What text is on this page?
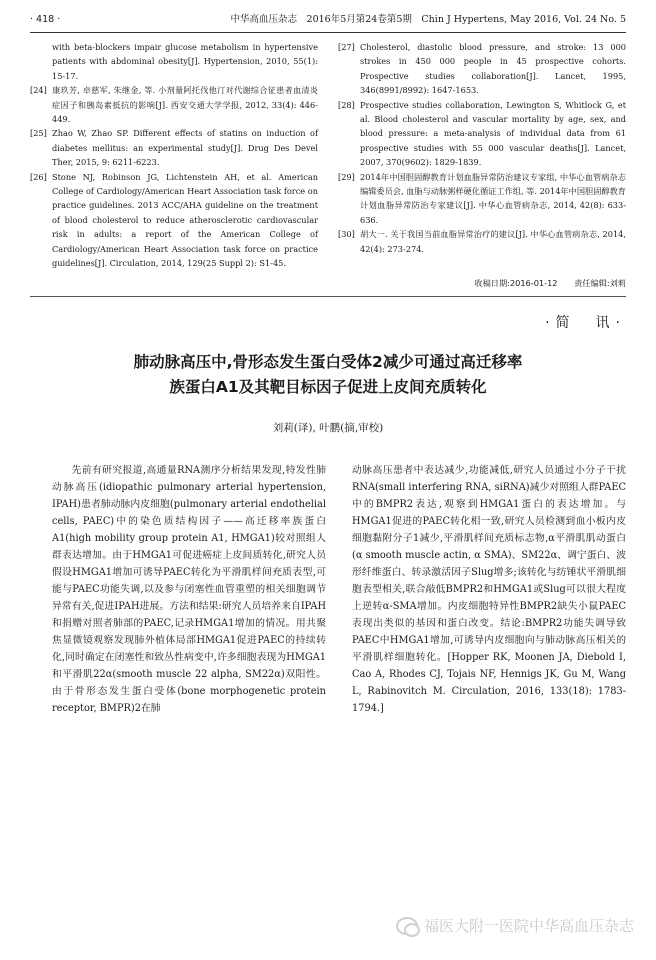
· 418 ·	中华高血压杂志　2016年5月第24卷第5期　Chin J Hypertens, May 2016, Vol. 24 No. 5
with beta-blockers impair glucose metabolism in hypertensive patients with abdominal obesity[J]. Hypertension, 2010, 55(1): 15-17.
[24] 康玖芳, 卓慈军, 朱继金, 等. 小剂量阿托伐他汀对代谢综合征患者血清炎症因子和胰岛素抵抗的影响[J]. 西安交通大学学报, 2012, 33(4): 446-449.
[25] Zhao W, Zhao SP. Different effects of statins on induction of diabetes mellitus: an experimental study[J]. Drug Des Devel Ther, 2015, 9: 6211-6223.
[26] Stone NJ, Robinson JG, Lichtenstein AH, et al. American College of Cardiology/American Heart Association task force on practice guidelines. 2013 ACC/AHA guideline on the treatment of blood cholesterol to reduce atherosclerotic cardiovascular risk in adults: a report of the American College of Cardiology/American Heart Association task force on practice guidelines[J]. Circulation, 2014, 129(25 Suppl 2): S1-45.
[27] Cholesterol, diastolic blood pressure, and stroke: 13 000 strokes in 450 000 people in 45 prospective cohorts. Prospective studies collaboration[J]. Lancet, 1995, 346(8991/8992): 1647-1653.
[28] Prospective studies collaboration, Lewington S, Whitlock G, et al. Blood cholesterol and vascular mortality by age, sex, and blood pressure: a meta-analysis of individual data from 61 prospective studies with 55 000 vascular deaths[J]. Lancet, 2007, 370(9602): 1829-1839.
[29] 2014年中国胆固醇教育计划血脂异常防治建议专家组, 中华心血管病杂志编辑委员会, 血脂与动脉粥样硬化循证工作组, 等. 2014年中国胆固醇教育计划血脂异常防治专家建议[J]. 中华心血管病杂志, 2014, 42(8): 633-636.
[30] 胡大一. 关于我国当前血脂异常治疗的建议[J]. 中华心血管病杂志, 2014, 42(4): 273-274.
收稿日期:2016-01-12 责任编辑:刘莉
·简　讯·
肺动脉高压中,骨形态发生蛋白受体2减少可通过高迁移率
族蛋白A1及其靶目标因子促进上皮间充质转化
刘莉(译), 叶鹏(摘,审校)

先前有研究报道,高通量RNA测序分析结果发现,特发性肺动脉高压(idiopathic pulmonary arterial hypertension, IPAH)患者肺动脉内皮细胞(pulmonary arterial endothelial cells, PAEC)中的染色质结构因子——高迁移率族蛋白A1(high mobility group protein A1, HMGA1)较对照组人群表达增加。由于HMGA1可促进癌症上皮间质转化,研究人员假设HMGA1增加可诱导PAEC转化为平滑肌样间充质表型,可能与PAEC功能失调,以及参与闭塞性血管重塑的相关细胞调节异常有关,促进IPAH进展。方法和结果:研究人员培养来自IPAH和捐赠对照者肺部的PAEC,记录HMGA1增加的情况。用共聚焦显微镜观察发现肺外植体局部HMGA1促进PAEC的持续转化,同时确定在闭塞性和致丛性病变中,许多细胞表现为HMGA1和平滑肌22α(smooth muscle 22 alpha, SM22α)双阳性。由于骨形态发生蛋白受体(bone morphogenetic protein receptor, BMPR)2在肺

动脉高压患者中表达减少,功能减低,研究人员通过小分子干扰RNA(small interfering RNA, siRNA)减少对照组人群PAEC中的BMPR2表达,观察到HMGA1蛋白的表达增加。与HMGA1促进的PAEC转化相一致,研究人员检测到血小板内皮细胞黏附分子1减少,平滑肌样间充质标志物,α平滑肌肌动蛋白(α smooth muscle actin, α SMA)、SM22α、调宁蛋白、波形纤维蛋白、转录激活因子Slug增多;该转化与纺锤状平滑肌细胞表型相关,联合敲低BMPR2和HMGA1或Slug可以很大程度上逆转α-SMA增加。内皮细胞特异性BMPR2缺失小鼠PAEC表现出类似的基因和蛋白改变。结论:BMPR2功能失调导致PAEC中HMGA1增加,可诱导内皮细胞向与肺动脉高压相关的平滑肌样细胞转化。[Hopper RK, Moonen JA, Diebold I, Cao A, Rhodes CJ, Tojais NF, Hennigs JK, Gu M, Wang L, Rabinovitch M. Circulation, 2016, 133(18): 1783-1794.]

福医大附一医院中华高血压杂志
